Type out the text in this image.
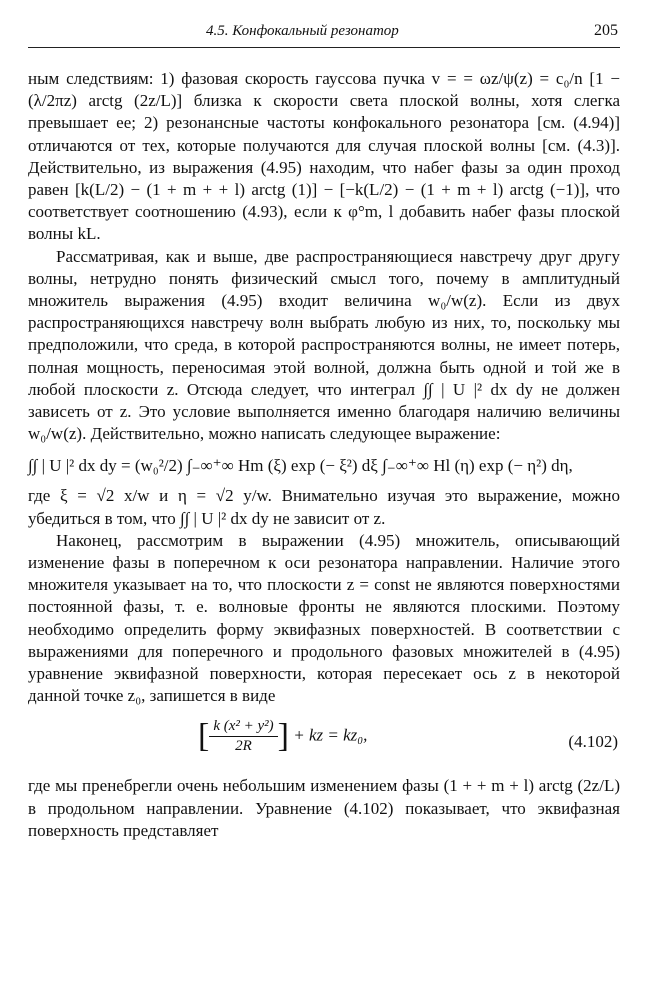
4.5. Конфокальный резонатор	205

ным следствиям: 1) фазовая скорость гауссова пучка v = = ωz/ψ(z) = c₀/n [1 − (λ/2πz) arctg (2z/L)] близка к скорости света плоской волны, хотя слегка превышает ее; 2) резонансные частоты конфокального резонатора [см. (4.94)] отличаются от тех, которые получаются для случая плоской волны [см. (4.3)]. Действительно, из выражения (4.95) находим, что набег фазы за один проход равен [k(L/2) − (1 + m + + l) arctg (1)] − [−k(L/2) − (1 + m + l) arctg (−1)], что соответствует соотношению (4.93), если к φ°m, l добавить набег фазы плоской волны kL.

Рассматривая, как и выше, две распространяющиеся навстречу друг другу волны, нетрудно понять физический смысл того, почему в амплитудный множитель выражения (4.95) входит величина w₀/w(z). Если из двух распространяющихся навстречу волн выбрать любую из них, то, поскольку мы предположили, что среда, в которой распространяются волны, не имеет потерь, полная мощность, переносимая этой волной, должна быть одной и той же в любой плоскости z. Отсюда следует, что интеграл ∫∫ | U |² dx dy не должен зависеть от z. Это условие выполняется именно благодаря наличию величины w₀/w(z). Действительно, можно написать следующее выражение:

∫∫ | U |² dx dy = (w₀²/2) ∫₋∞⁺∞ Hm (ξ) exp (− ξ²) dξ ∫₋∞⁺∞ Hl (η) exp (− η²) dη,

где ξ = √2 x/w и η = √2 y/w. Внимательно изучая это выражение, можно убедиться в том, что ∫∫ | U |² dx dy не зависит от z.

Наконец, рассмотрим в выражении (4.95) множитель, описывающий изменение фазы в поперечном к оси резонатора направлении. Наличие этого множителя указывает на то, что плоскости z = const не являются поверхностями постоянной фазы, т. е. волновые фронты не являются плоскими. Поэтому необходимо определить форму эквифазных поверхностей. В соответствии с выражениями для поперечного и продольного фазовых множителей в (4.95) уравнение эквифазной поверхности, которая пересекает ось z в некоторой данной точке z₀, запишется в виде

[ $\frac{\text{k (x² + y²)}}{2R}$ ] + kz = kz₀,	(4.102)

где мы пренебрегли очень небольшим изменением фазы (1 + + m + l) arctg (2z/L) в продольном направлении. Уравнение (4.102) показывает, что эквифазная поверхность представляет
